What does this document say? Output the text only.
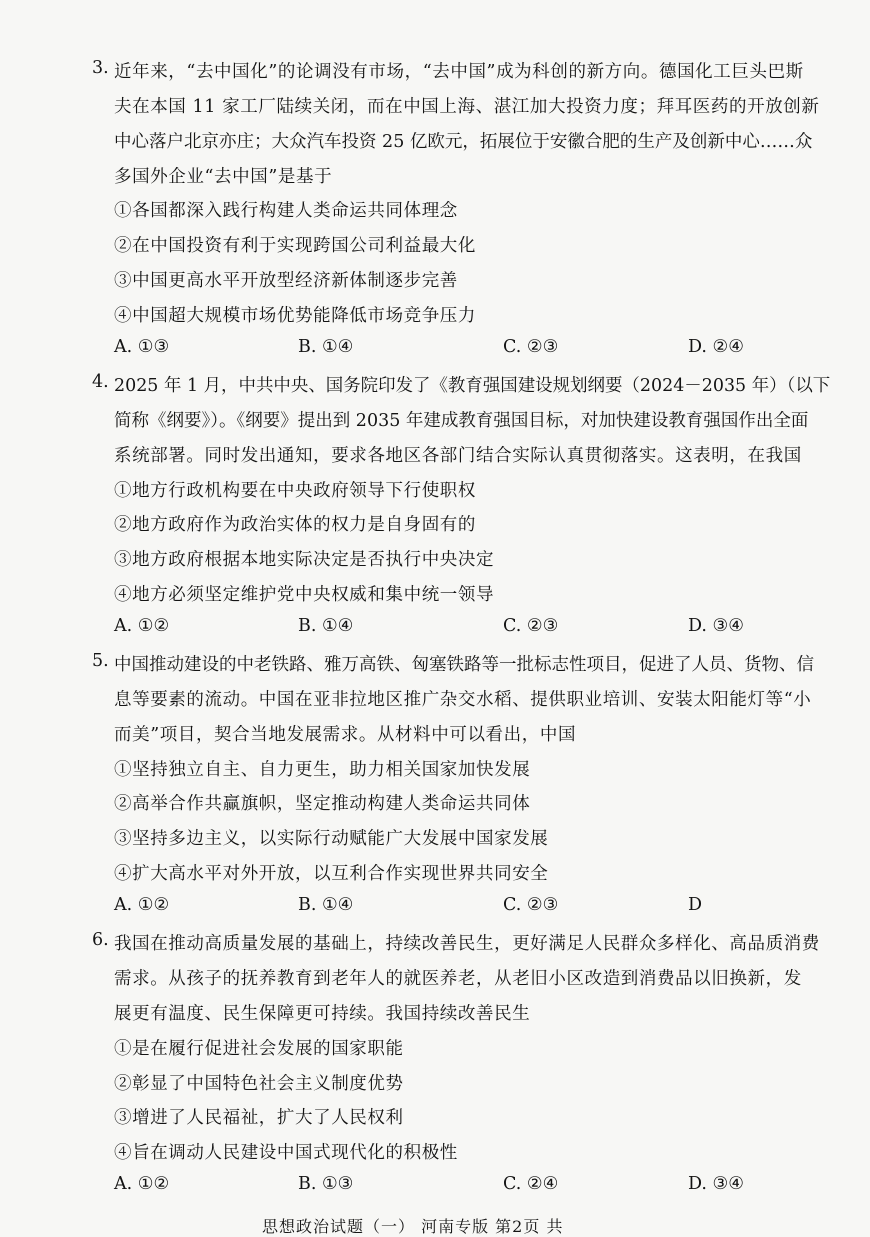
3. 近年来，“去中国化”的论调没有市场，“去中国”成为科创的新方向。德国化工巨头巴斯
夫在本国 11 家工厂陆续关闭，而在中国上海、湛江加大投资力度；拜耳医药的开放创新
中心落户北京亦庄；大众汽车投资 25 亿欧元，拓展位于安徽合肥的生产及创新中心……众
多国外企业“去中国”是基于
①各国都深入践行构建人类命运共同体理念
②在中国投资有利于实现跨国公司利益最大化
③中国更高水平开放型经济新体制逐步完善
④中国超大规模市场优势能降低市场竞争压力
A. ①③	B. ①④	C. ②③	D. ②④
4. 2025 年 1 月，中共中央、国务院印发了《教育强国建设规划纲要（2024－2035 年）（以下
简称《纲要》）。《纲要》提出到 2035 年建成教育强国目标，对加快建设教育强国作出全面
系统部署。同时发出通知，要求各地区各部门结合实际认真贯彻落实。这表明，在我国
①地方行政机构要在中央政府领导下行使职权
②地方政府作为政治实体的权力是自身固有的
③地方政府根据本地实际决定是否执行中央决定
④地方必须坚定维护党中央权威和集中统一领导
A. ①②	B. ①④	C. ②③	D. ③④
5. 中国推动建设的中老铁路、雅万高铁、匈塞铁路等一批标志性项目，促进了人员、货物、信
息等要素的流动。中国在亚非拉地区推广杂交水稻、提供职业培训、安装太阳能灯等“小
而美”项目，契合当地发展需求。从材料中可以看出，中国
①坚持独立自主、自力更生，助力相关国家加快发展
②高举合作共赢旗帜，坚定推动构建人类命运共同体
③坚持多边主义，以实际行动赋能广大发展中国家发展
④扩大高水平对外开放，以互利合作实现世界共同安全
A. ①②	B. ①④	C. ②③	D
6. 我国在推动高质量发展的基础上，持续改善民生，更好满足人民群众多样化、高品质消费
需求。从孩子的抚养教育到老年人的就医养老，从老旧小区改造到消费品以旧换新，发
展更有温度、民生保障更可持续。我国持续改善民生
①是在履行促进社会发展的国家职能
②彰显了中国特色社会主义制度优势
③增进了人民福祉，扩大了人民权利
④旨在调动人民建设中国式现代化的积极性
A. ①②	B. ①③	C. ②④	D. ③④
思想政治试题（一） 河南专版 第2页 共
